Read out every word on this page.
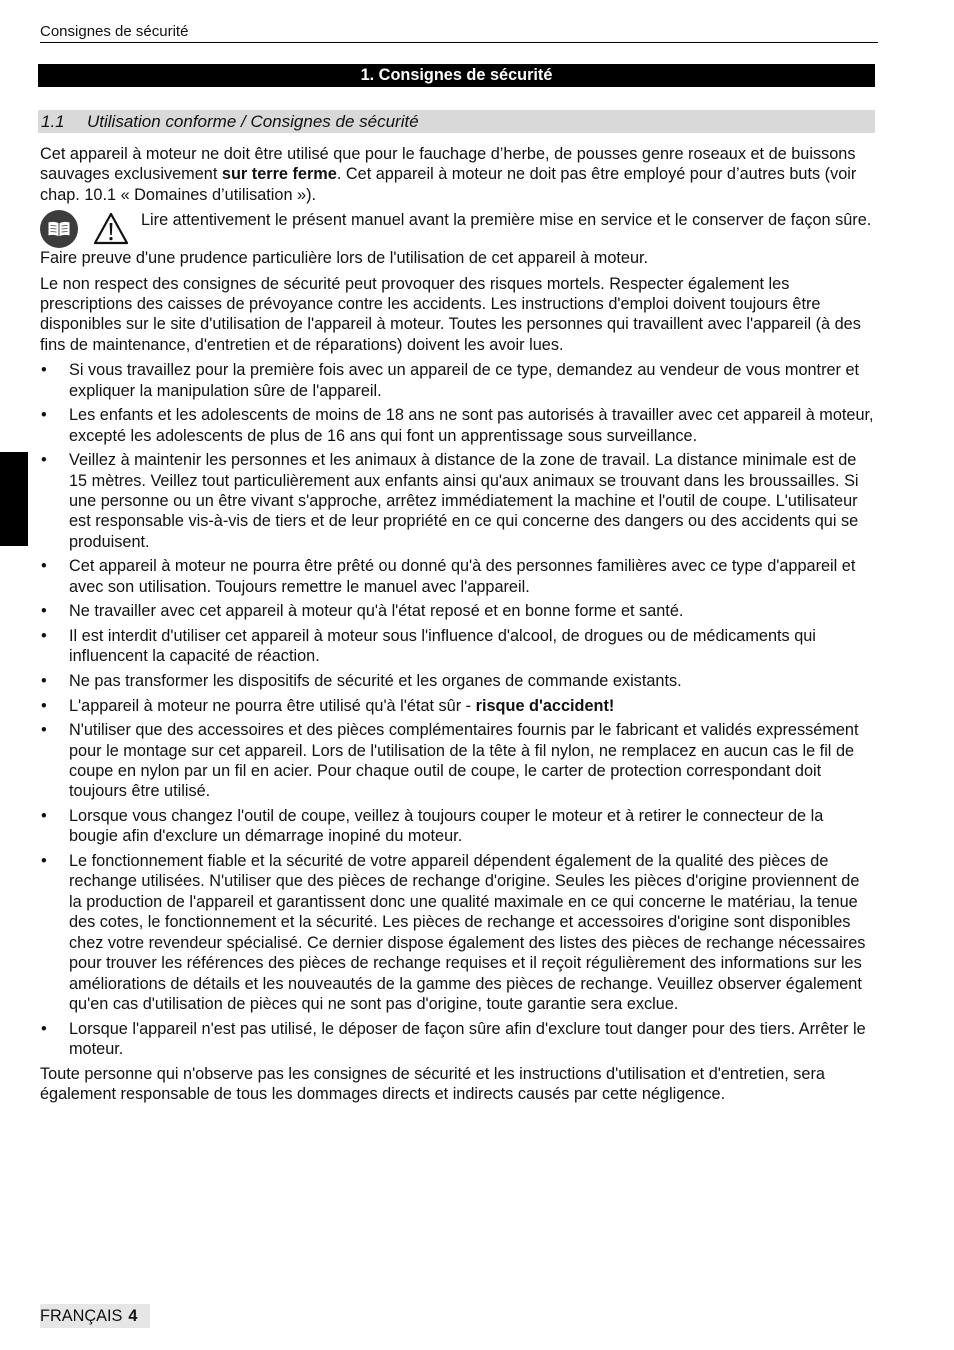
Consignes de sécurité
1. Consignes de sécurité
1.1 Utilisation conforme / Consignes de sécurité

Cet appareil à moteur ne doit être utilisé que pour le fauchage d’herbe, de pousses genre roseaux et de buissons sauvages exclusivement sur terre ferme. Cet appareil à moteur ne doit pas être employé pour d’autres buts (voir chap. 10.1 « Domaines d’utilisation »).

Lire attentivement le présent manuel avant la première mise en service et le conserver de façon sûre.

Faire preuve d'une prudence particulière lors de l'utilisation de cet appareil à moteur.

Le non respect des consignes de sécurité peut provoquer des risques mortels. Respecter également les prescriptions des caisses de prévoyance contre les accidents. Les instructions d'emploi doivent toujours être disponibles sur le site d'utilisation de l'appareil à moteur. Toutes les personnes qui travaillent avec l'appareil (à des fins de maintenance, d'entretien et de réparations) doivent les avoir lues.

• Si vous travaillez pour la première fois avec un appareil de ce type, demandez au vendeur de vous montrer et expliquer la manipulation sûre de l'appareil.
• Les enfants et les adolescents de moins de 18 ans ne sont pas autorisés à travailler avec cet appareil à moteur, excepté les adolescents de plus de 16 ans qui font un apprentissage sous surveillance.
• Veillez à maintenir les personnes et les animaux à distance de la zone de travail. La distance minimale est de 15 mètres. Veillez tout particulièrement aux enfants ainsi qu'aux animaux se trouvant dans les broussailles. Si une personne ou un être vivant s'approche, arrêtez immédiatement la machine et l'outil de coupe. L'utilisateur est responsable vis-à-vis de tiers et de leur propriété en ce qui concerne des dangers ou des accidents qui se produisent.
• Cet appareil à moteur ne pourra être prêté ou donné qu'à des personnes familières avec ce type d'appareil et avec son utilisation. Toujours remettre le manuel avec l'appareil.
• Ne travailler avec cet appareil à moteur qu'à l'état reposé et en bonne forme et santé.
• Il est interdit d'utiliser cet appareil à moteur sous l'influence d'alcool, de drogues ou de médicaments qui influencent la capacité de réaction.
• Ne pas transformer les dispositifs de sécurité et les organes de commande existants.
• L'appareil à moteur ne pourra être utilisé qu'à l'état sûr - risque d'accident!
• N'utiliser que des accessoires et des pièces complémentaires fournis par le fabricant et validés expressément pour le montage sur cet appareil. Lors de l'utilisation de la tête à fil nylon, ne remplacez en aucun cas le fil de coupe en nylon par un fil en acier. Pour chaque outil de coupe, le carter de protection correspondant doit toujours être utilisé.
• Lorsque vous changez l'outil de coupe, veillez à toujours couper le moteur et à retirer le connecteur de la bougie afin d'exclure un démarrage inopiné du moteur.
• Le fonctionnement fiable et la sécurité de votre appareil dépendent également de la qualité des pièces de rechange utilisées. N'utiliser que des pièces de rechange d'origine. Seules les pièces d'origine proviennent de la production de l'appareil et garantissent donc une qualité maximale en ce qui concerne le matériau, la tenue des cotes, le fonctionnement et la sécurité. Les pièces de rechange et accessoires d'origine sont disponibles chez votre revendeur spécialisé. Ce dernier dispose également des listes des pièces de rechange nécessaires pour trouver les références des pièces de rechange requises et il reçoit régulièrement des informations sur les améliorations de détails et les nouveautés de la gamme des pièces de rechange. Veuillez observer également qu'en cas d'utilisation de pièces qui ne sont pas d'origine, toute garantie sera exclue.
• Lorsque l'appareil n'est pas utilisé, le déposer de façon sûre afin d'exclure tout danger pour des tiers. Arrêter le moteur.

Toute personne qui n'observe pas les consignes de sécurité et les instructions d'utilisation et d'entretien, sera également responsable de tous les dommages directs et indirects causés par cette négligence.

FRANÇAIS 4
